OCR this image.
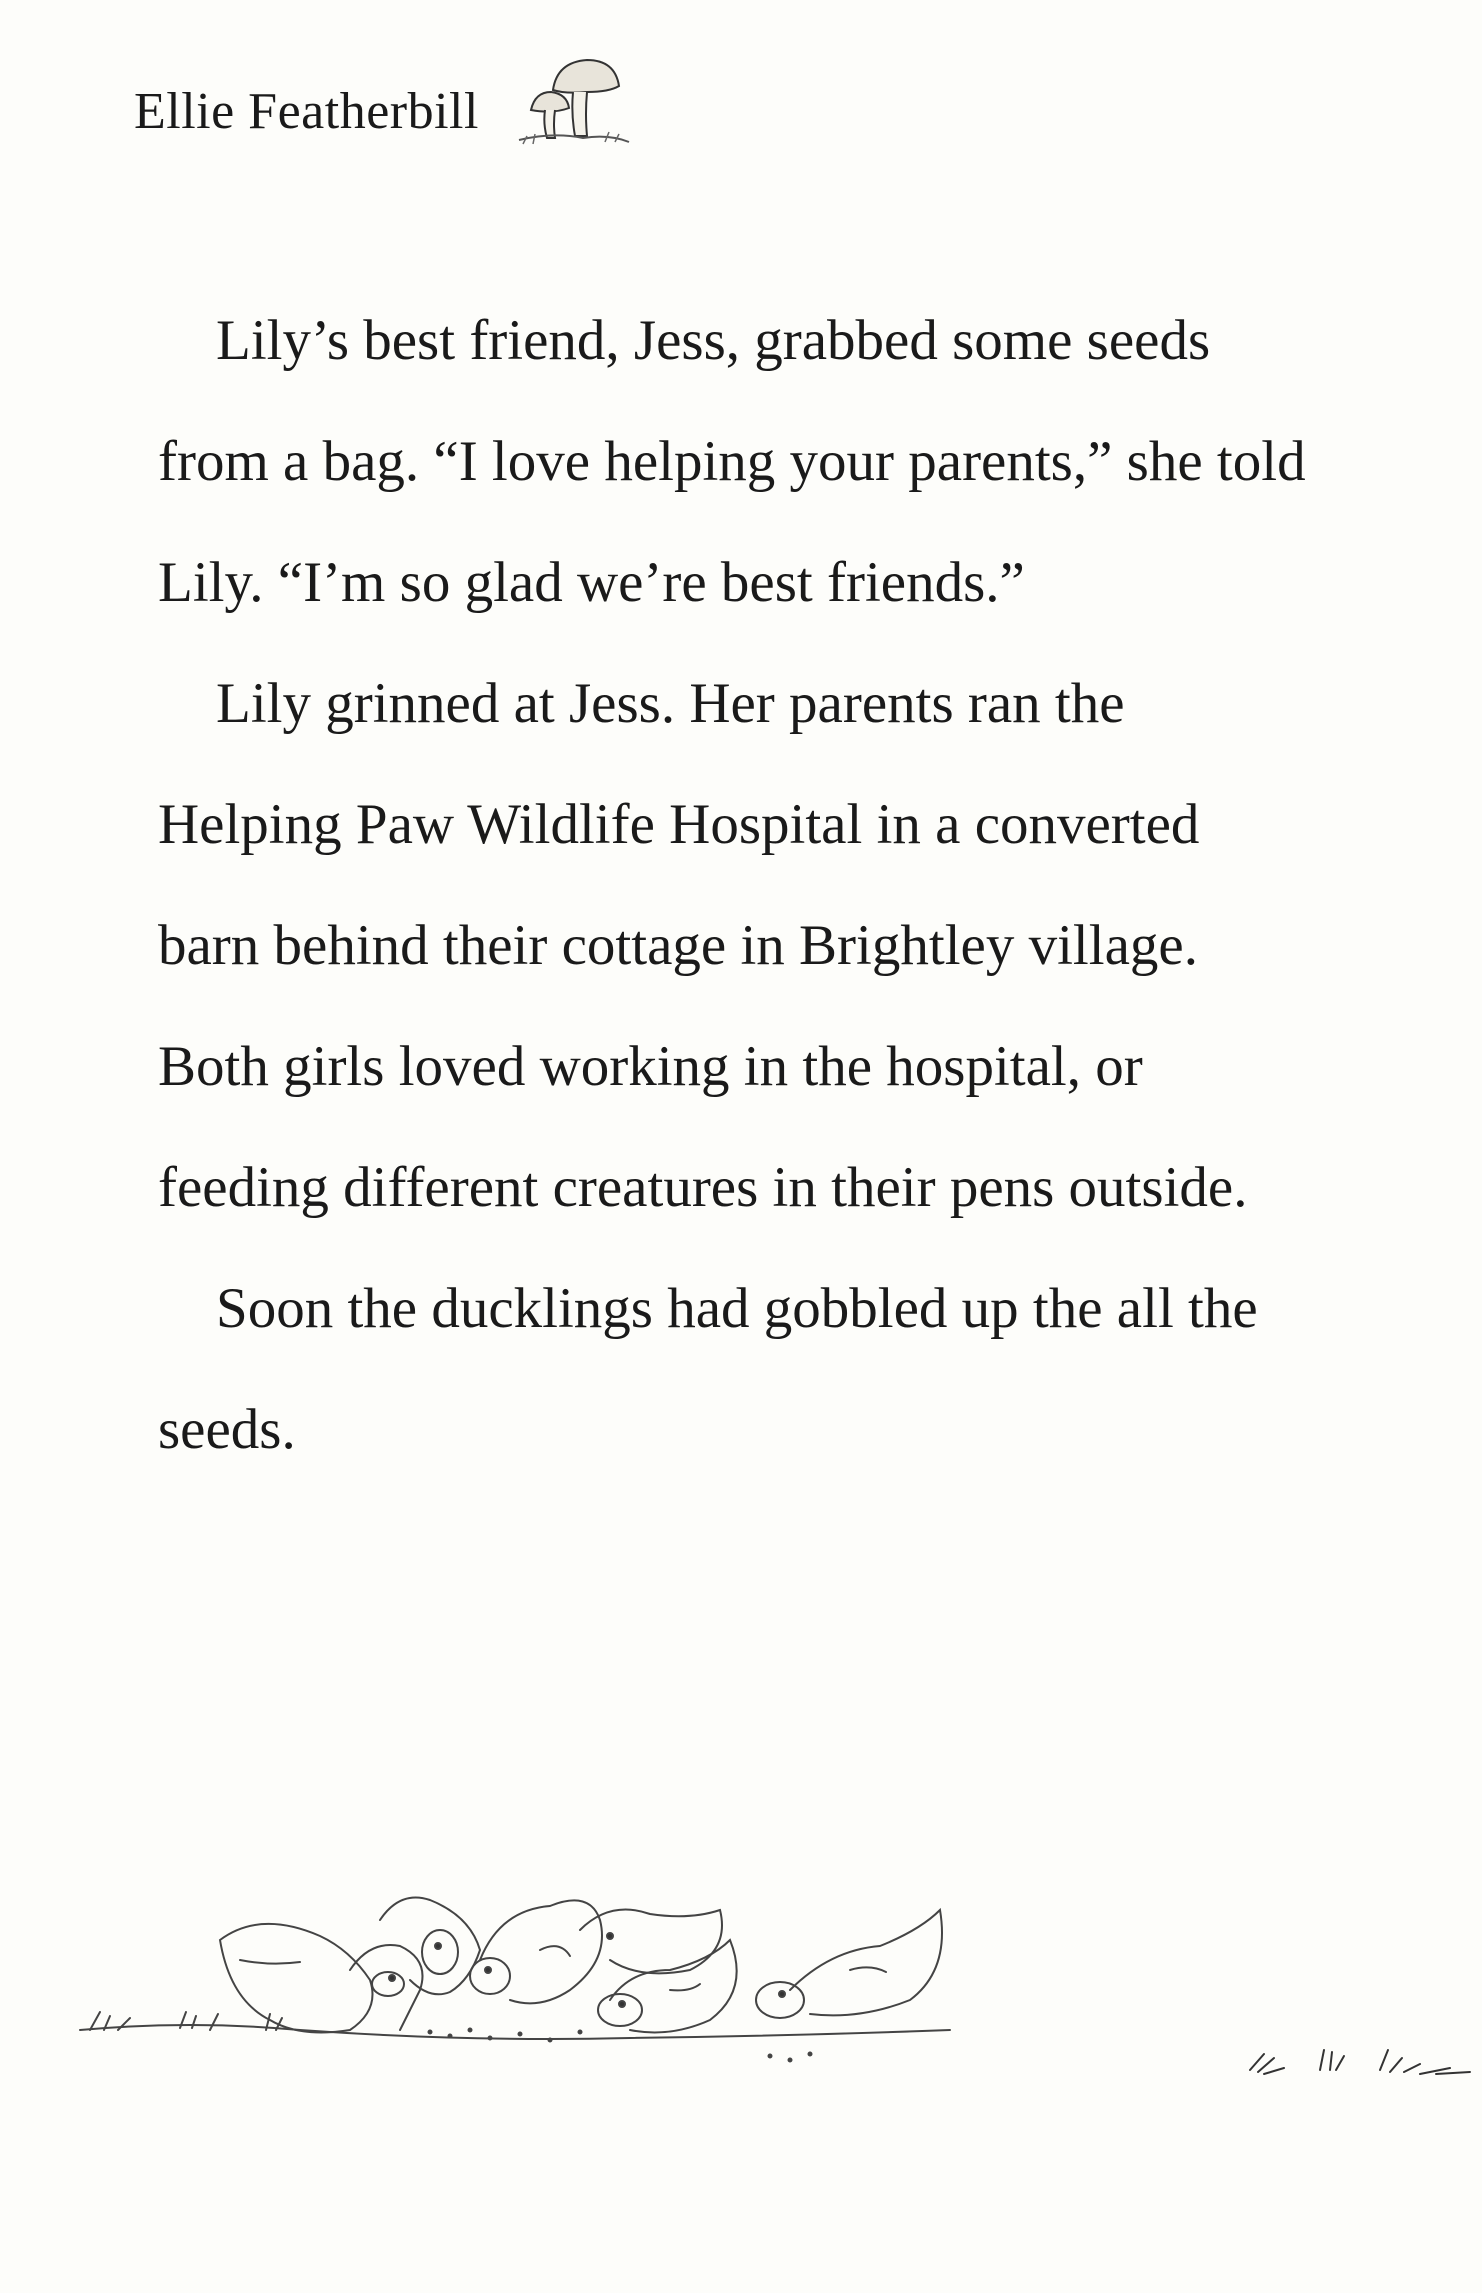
Ellie Featherbill

Lily’s best friend, Jess, grabbed some seeds from a bag. “I love helping your parents,” she told Lily. “I’m so glad we’re best friends.”

Lily grinned at Jess. Her parents ran the Helping Paw Wildlife Hospital in a converted barn behind their cottage in Brightley village. Both girls loved working in the hospital, or feeding different creatures in their pens outside.

Soon the ducklings had gobbled up the all the seeds.
